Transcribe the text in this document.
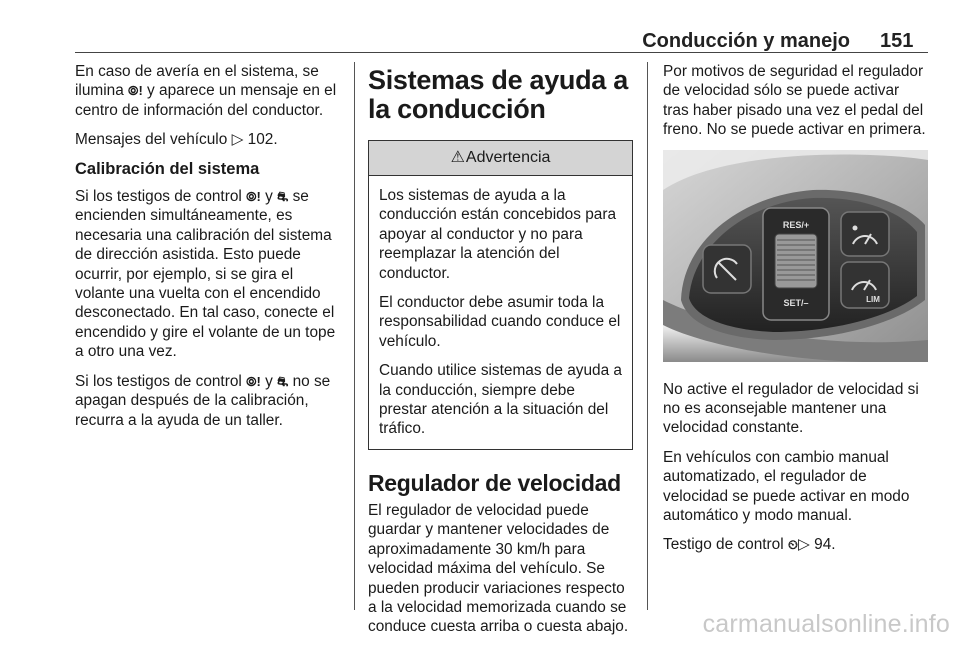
Conducción y manejo 151

En caso de avería en el sistema, se ilumina ⦾! y aparece un mensaje en el centro de información del conductor.

Mensajes del vehículo ▷ 102.

Calibración del sistema

Si los testigos de control ⦾! y ⛐ se encienden simultáneamente, es necesaria una calibración del sistema de dirección asistida. Esto puede ocurrir, por ejemplo, si se gira el volante una vuelta con el encendido desconectado. En tal caso, conecte el encendido y gire el volante de un tope a otro una vez.

Si los testigos de control ⦾! y ⛐ no se apagan después de la calibración, recurra a la ayuda de un taller.

Sistemas de ayuda a la conducción
⚠ Advertencia

Los sistemas de ayuda a la conducción están concebidos para apoyar al conductor y no para reemplazar la atención del conductor.

El conductor debe asumir toda la responsabilidad cuando conduce el vehículo.

Cuando utilice sistemas de ayuda a la conducción, siempre debe prestar atención a la situación del tráfico.

Regulador de velocidad

El regulador de velocidad puede guardar y mantener velocidades de aproximadamente 30 km/h para velocidad máxima del vehículo. Se pueden producir variaciones respecto a la velocidad memorizada cuando se conduce cuesta arriba o cuesta abajo.

Por motivos de seguridad el regulador de velocidad sólo se puede activar tras haber pisado una vez el pedal del freno. No se puede activar en primera.

RES/+
SET/–	LIM

No active el regulador de velocidad si no es aconsejable mantener una velocidad constante.

En vehículos con cambio manual automatizado, el regulador de velocidad se puede activar en modo automático y modo manual.

Testigo de control ⏲▷ 94.

carmanualsonline.info
